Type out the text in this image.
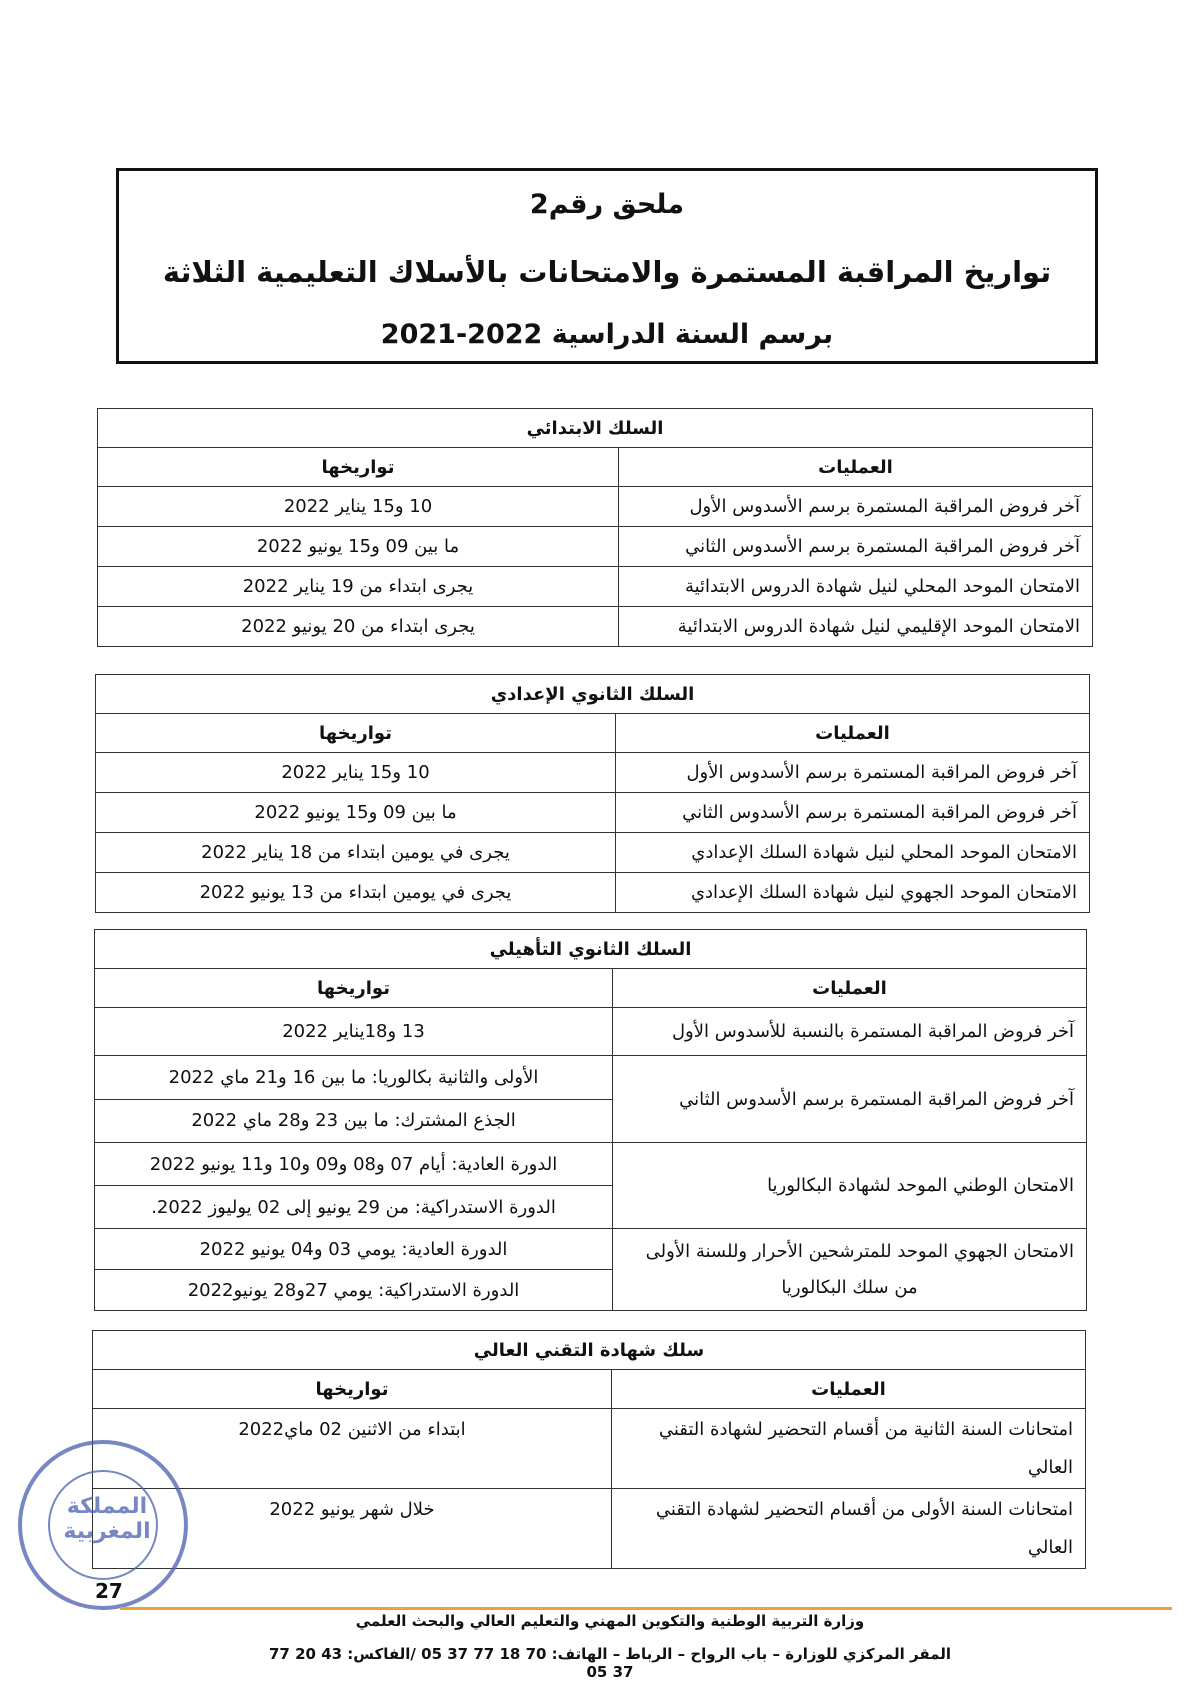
ملحق رقم2
تواريخ المراقبة المستمرة والامتحانات بالأسلاك التعليمية الثلاثة
برسم السنة الدراسية 2022-2021
السلك الابتدائي	
العمليات	تواريخها
آخر فروض المراقبة المستمرة برسم الأسدوس الأول	10 و15 يناير 2022
آخر فروض المراقبة المستمرة برسم الأسدوس الثاني	ما بين 09 و15 يونيو 2022
الامتحان الموحد المحلي لنيل شهادة الدروس الابتدائية	يجرى ابتداء من 19 يناير 2022
الامتحان الموحد الإقليمي لنيل شهادة الدروس الابتدائية	يجرى ابتداء من 20 يونيو 2022
السلك الثانوي الإعدادي	
العمليات	تواريخها
آخر فروض المراقبة المستمرة برسم الأسدوس الأول	10 و15 يناير 2022
آخر فروض المراقبة المستمرة برسم الأسدوس الثاني	ما بين 09 و15 يونيو 2022
الامتحان الموحد المحلي لنيل شهادة السلك الإعدادي	يجرى في يومين ابتداء من 18 يناير 2022
الامتحان الموحد الجهوي لنيل شهادة السلك الإعدادي	يجرى في يومين ابتداء من 13 يونيو 2022
السلك الثانوي التأهيلي	
العمليات	تواريخها
آخر فروض المراقبة المستمرة بالنسبة للأسدوس الأول	13 و18يناير 2022
آخر فروض المراقبة المستمرة برسم الأسدوس الثاني	الأولى والثانية بكالوريا: ما بين 16 و21 ماي 2022
	الجذع المشترك: ما بين 23 و28 ماي 2022
الامتحان الوطني الموحد لشهادة البكالوريا	الدورة العادية: أيام 07 و08 و09 و10 و11 يونيو 2022
	الدورة الاستدراكية: من 29 يونيو إلى 02 يوليوز 2022.

الامتحان الجهوي الموحد للمترشحين الأحرار وللسنة الأولى
من سلك البكالوريا	الدورة العادية: يومي 03 و04 يونيو 2022
	الدورة الاستدراكية: يومي 27و28 يونيو2022
سلك شهادة التقني العالي	
العمليات	تواريخها
امتحانات السنة الثانية من أقسام التحضير لشهادة التقني العالي	ابتداء من الاثنين 02 ماي2022
امتحانات السنة الأولى من أقسام التحضير لشهادة التقني العالي	خلال شهر يونيو 2022
المملكة المغربية
27
وزارة التربية الوطنية والتكوين المهني والتعليم العالي والبحث العلمي
المقر المركزي للوزارة – باب الرواح – الرباط – الهاتف: 70 18 77 37 05 /الفاكس: 43 20 77 37 05
